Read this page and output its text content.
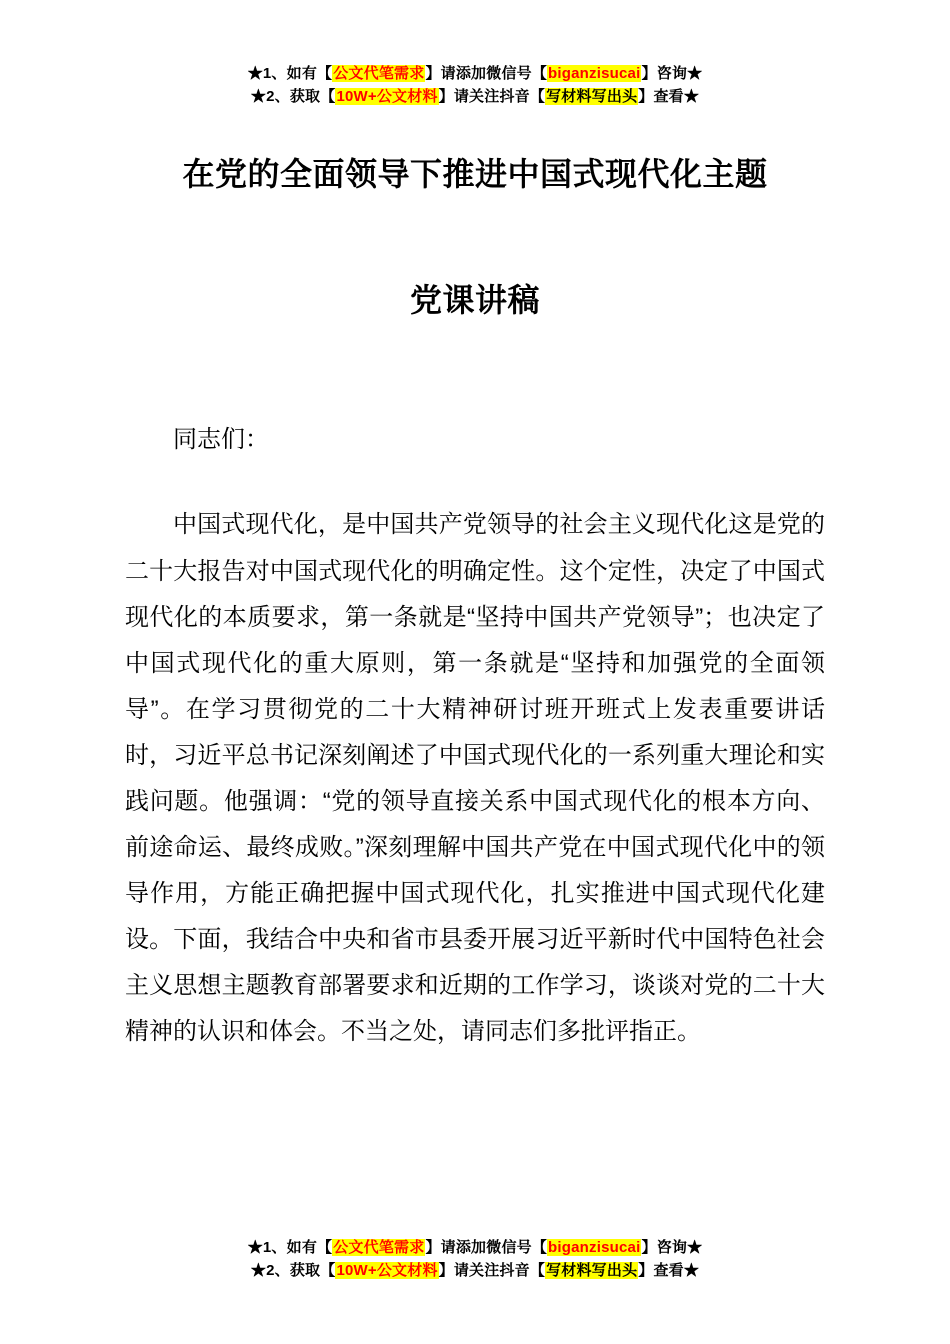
★1、如有【公文代笔需求】请添加微信号【biganzisucai】咨询★
★2、获取【10W+公文材料】请关注抖音【写材料写出头】查看★
在党的全面领导下推进中国式现代化主题
党课讲稿
同志们：
中国式现代化，是中国共产党领导的社会主义现代化这是党的二十大报告对中国式现代化的明确定性。这个定性，决定了中国式现代化的本质要求，第一条就是“坚持中国共产党领导”；也决定了中国式现代化的重大原则，第一条就是“坚持和加强党的全面领导”。在学习贯彻党的二十大精神研讨班开班式上发表重要讲话时，习近平总书记深刻阐述了中国式现代化的一系列重大理论和实践问题。他强调：“党的领导直接关系中国式现代化的根本方向、前途命运、最终成败。”深刻理解中国共产党在中国式现代化中的领导作用，方能正确把握中国式现代化，扎实推进中国式现代化建设。下面，我结合中央和省市县委开展习近平新时代中国特色社会主义思想主题教育部署要求和近期的工作学习，谈谈对党的二十大精神的认识和体会。不当之处，请同志们多批评指正。
★1、如有【公文代笔需求】请添加微信号【biganzisucai】咨询★
★2、获取【10W+公文材料】请关注抖音【写材料写出头】查看★
